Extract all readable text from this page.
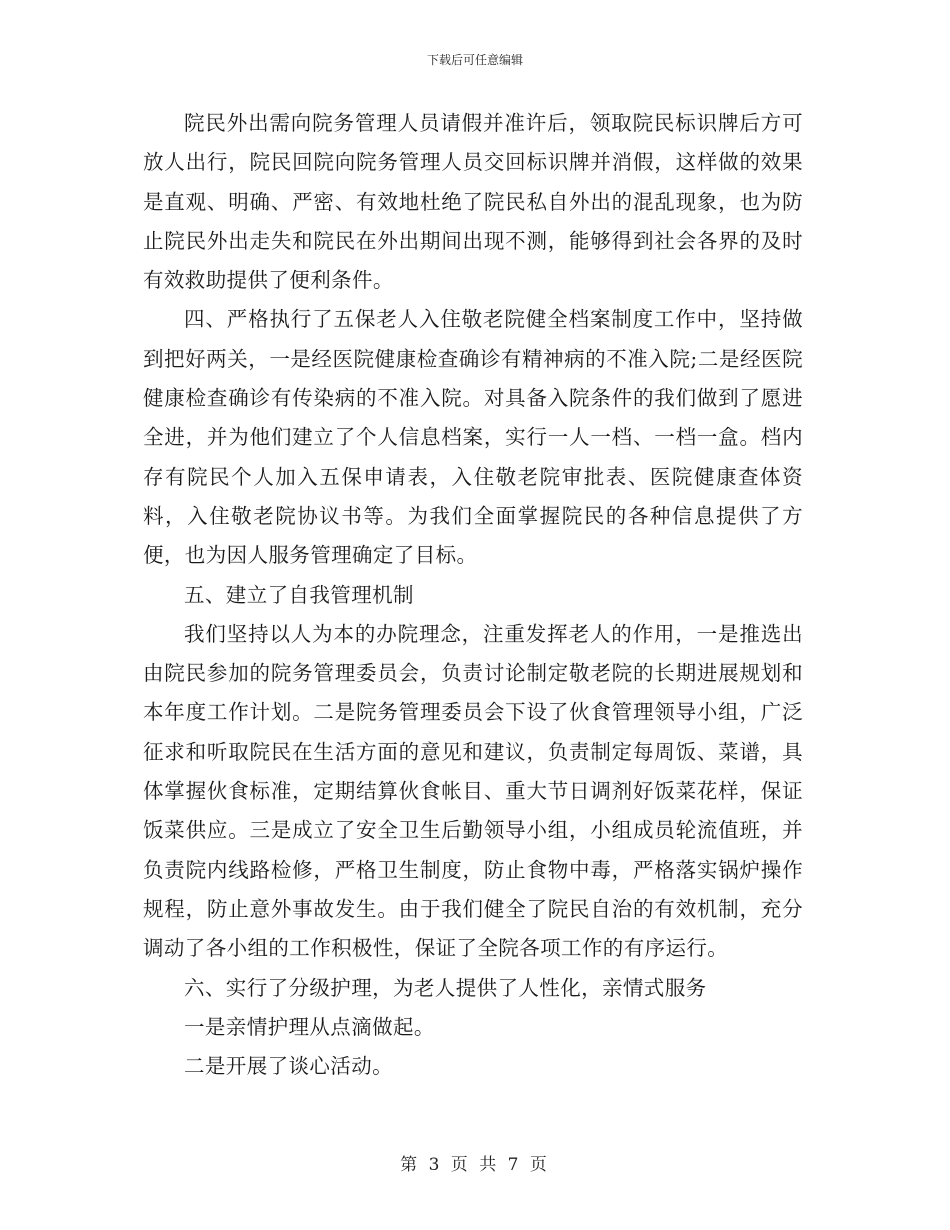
下载后可任意编辑

院民外出需向院务管理人员请假并准许后，领取院民标识牌后方可放人出行，院民回院向院务管理人员交回标识牌并消假，这样做的效果是直观、明确、严密、有效地杜绝了院民私自外出的混乱现象，也为防止院民外出走失和院民在外出期间出现不测，能够得到社会各界的及时有效救助提供了便利条件。

四、严格执行了五保老人入住敬老院健全档案制度工作中，坚持做到把好两关，一是经医院健康检查确诊有精神病的不准入院;二是经医院健康检查确诊有传染病的不准入院。对具备入院条件的我们做到了愿进全进，并为他们建立了个人信息档案，实行一人一档、一档一盒。档内存有院民个人加入五保申请表，入住敬老院审批表、医院健康查体资料，入住敬老院协议书等。为我们全面掌握院民的各种信息提供了方便，也为因人服务管理确定了目标。

五、建立了自我管理机制

我们坚持以人为本的办院理念，注重发挥老人的作用，一是推选出由院民参加的院务管理委员会，负责讨论制定敬老院的长期进展规划和本年度工作计划。二是院务管理委员会下设了伙食管理领导小组，广泛征求和听取院民在生活方面的意见和建议，负责制定每周饭、菜谱，具体掌握伙食标准，定期结算伙食帐目、重大节日调剂好饭菜花样，保证饭菜供应。三是成立了安全卫生后勤领导小组，小组成员轮流值班，并负责院内线路检修，严格卫生制度，防止食物中毒，严格落实锅炉操作规程，防止意外事故发生。由于我们健全了院民自治的有效机制，充分调动了各小组的工作积极性，保证了全院各项工作的有序运行。

六、实行了分级护理，为老人提供了人性化，亲情式服务

一是亲情护理从点滴做起。

二是开展了谈心活动。

第 3 页 共 7 页
